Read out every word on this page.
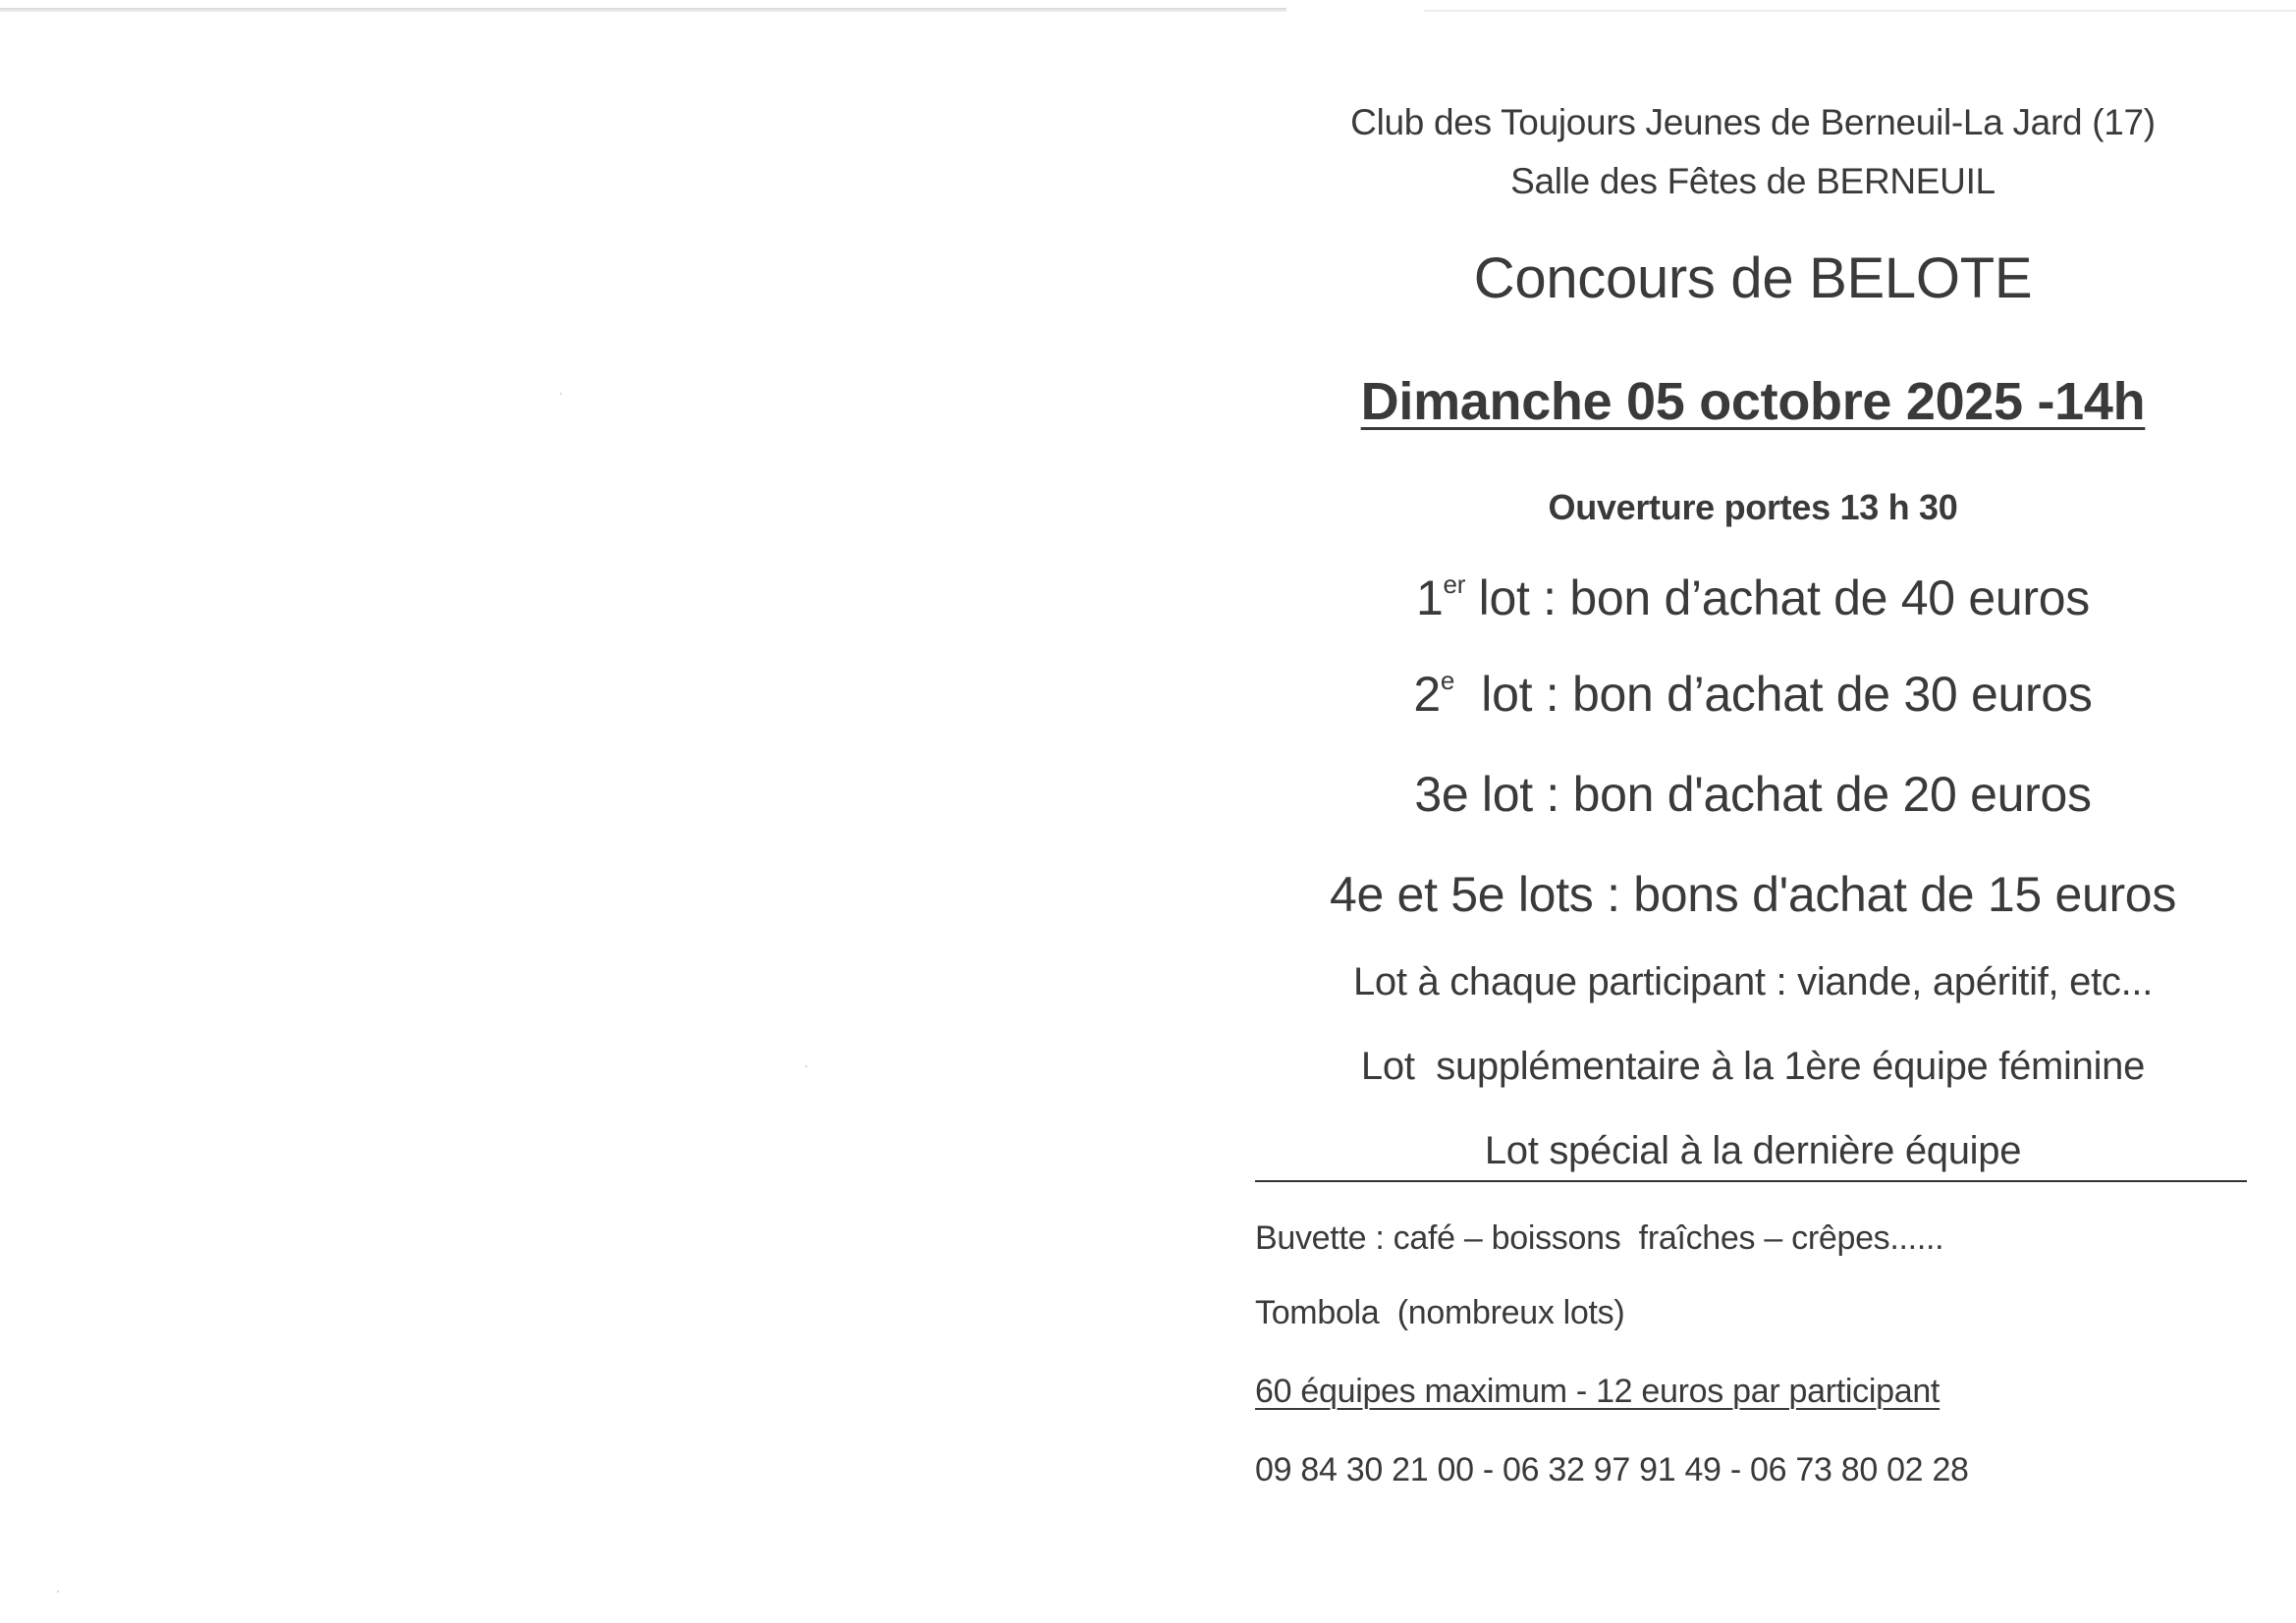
Club des Toujours Jeunes de Berneuil-La Jard (17)
Salle des Fêtes de BERNEUIL
Concours de BELOTE
Dimanche 05 octobre 2025 -14h
Ouverture portes 13 h 30
1er lot : bon d’achat de 40 euros
2e  lot : bon d’achat de 30 euros
3e lot : bon d'achat de 20 euros
4e et 5e lots : bons d'achat de 15 euros
Lot à chaque participant : viande, apéritif, etc...
Lot  supplémentaire à la 1ère équipe féminine
Lot spécial à la dernière équipe
Buvette : café – boissons  fraîches – crêpes......
Tombola  (nombreux lots)
60 équipes maximum - 12 euros par participant
09 84 30 21 00 - 06 32 97 91 49 - 06 73 80 02 28
